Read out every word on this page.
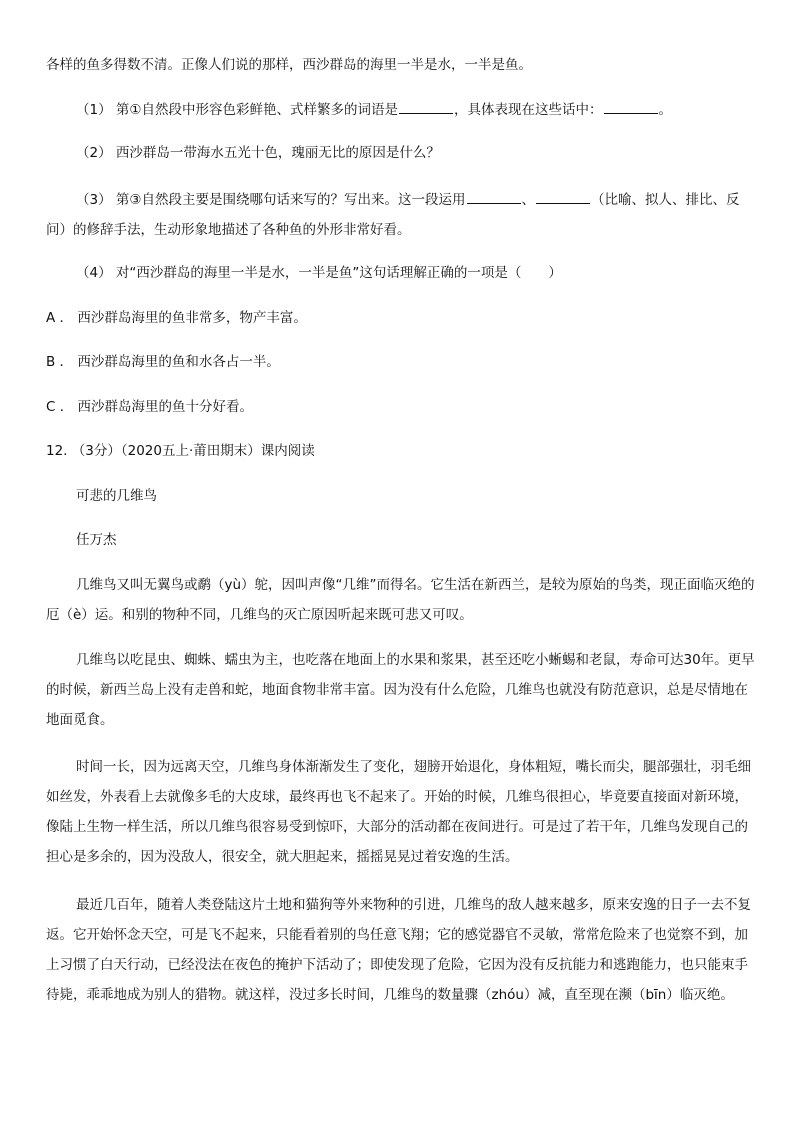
各样的鱼多得数不清。正像人们说的那样，西沙群岛的海里一半是水，一半是鱼。
（1） 第①自然段中形容色彩鲜艳、式样繁多的词语是	，具体表现在这些话中：	。
（2） 西沙群岛一带海水五光十色，瑰丽无比的原因是什么？
（3） 第③自然段主要是围绕哪句话来写的？写出来。这一段运用	、	（比喻、拟人、排比、反问）的修辞手法，生动形象地描述了各种鱼的外形非常好看。
（4） 对“西沙群岛的海里一半是水，一半是鱼”这句话理解正确的一项是（　　）
A ． 西沙群岛海里的鱼非常多，物产丰富。
B ． 西沙群岛海里的鱼和水各占一半。
C ． 西沙群岛海里的鱼十分好看。
12. （3分）（2020五上·莆田期末）课内阅读
可悲的几维鸟
任万杰
几维鸟又叫无翼鸟或鹬（yù）鸵，因叫声像“几维”而得名。它生活在新西兰，是较为原始的鸟类，现正面临灭绝的厄（è）运。和别的物种不同，几维鸟的灭亡原因听起来既可悲又可叹。
几维鸟以吃昆虫、蜘蛛、蠕虫为主，也吃落在地面上的水果和浆果，甚至还吃小蜥蜴和老鼠，寿命可达30年。更早的时候，新西兰岛上没有走兽和蛇，地面食物非常丰富。因为没有什么危险，几维鸟也就没有防范意识，总是尽情地在地面觅食。
时间一长，因为远离天空，几维鸟身体渐渐发生了变化，翅膀开始退化，身体粗短，嘴长而尖，腿部强壮，羽毛细如丝发，外表看上去就像多毛的大皮球，最终再也飞不起来了。开始的时候，几维鸟很担心，毕竟要直接面对新环境，像陆上生物一样生活，所以几维鸟很容易受到惊吓，大部分的活动都在夜间进行。可是过了若干年，几维鸟发现自己的担心是多余的，因为没敌人，很安全，就大胆起来，摇摇晃晃过着安逸的生活。
最近几百年，随着人类登陆这片土地和猫狗等外来物种的引进，几维鸟的敌人越来越多，原来安逸的日子一去不复返。它开始怀念天空，可是飞不起来，只能看着别的鸟任意飞翔；它的感觉器官不灵敏，常常危险来了也觉察不到，加上习惯了白天行动，已经没法在夜色的掩护下活动了；即使发现了危险，它因为没有反抗能力和逃跑能力，也只能束手待毙，乖乖地成为别人的猎物。就这样，没过多长时间，几维鸟的数量骤（zhóu）减，直至现在濒（bīn）临灭绝。
